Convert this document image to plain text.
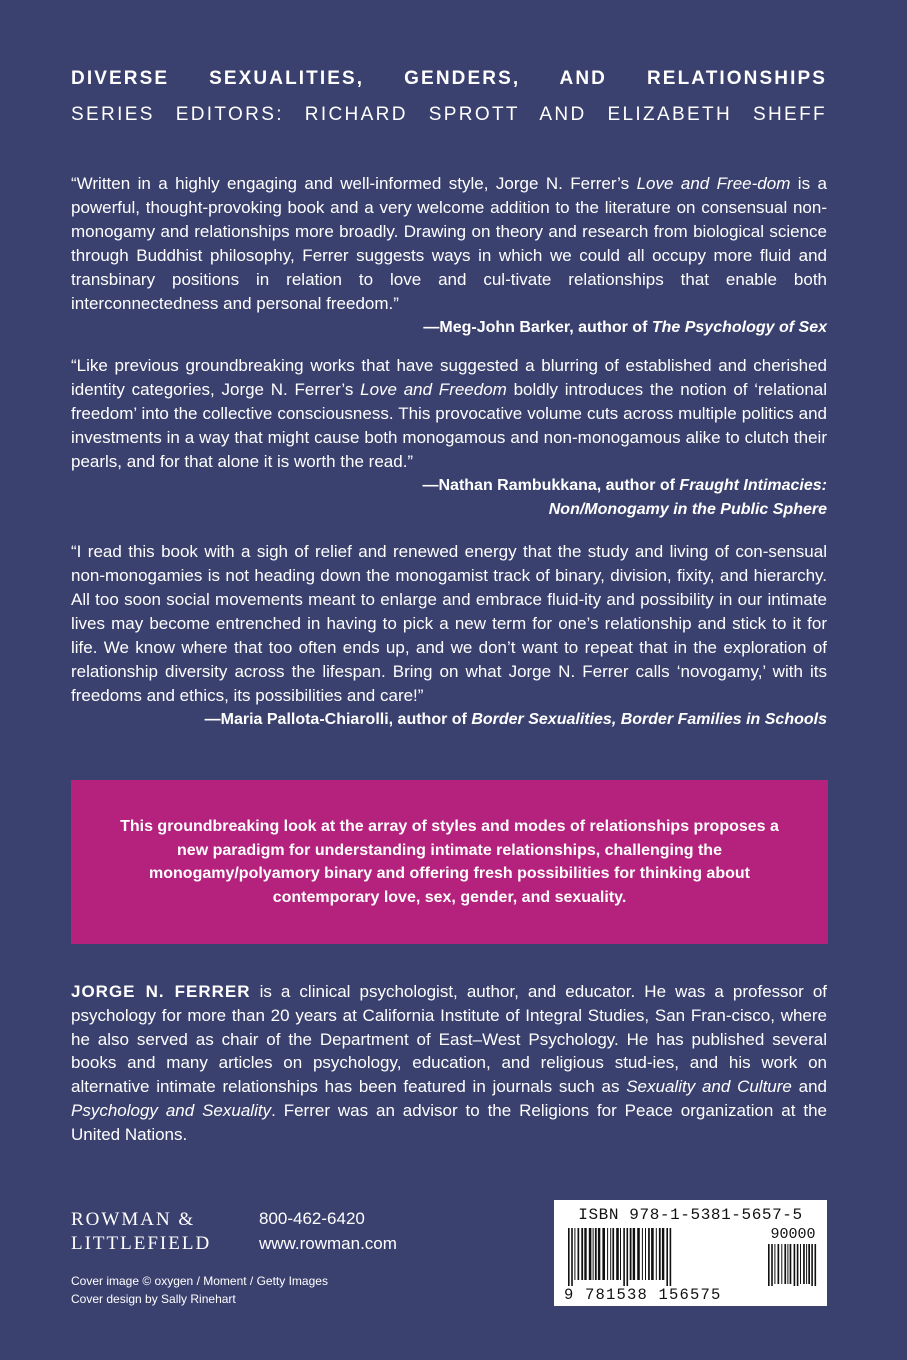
DIVERSE SEXUALITIES, GENDERS, AND RELATIONSHIPS
SERIES EDITORS: RICHARD SPROTT AND ELIZABETH SHEFF

“Written in a highly engaging and well-informed style, Jorge N. Ferrer’s Love and Free-dom is a powerful, thought-provoking book and a very welcome addition to the literature on consensual non-monogamy and relationships more broadly. Drawing on theory and research from biological science through Buddhist philosophy, Ferrer suggests ways in which we could all occupy more fluid and transbinary positions in relation to love and cul-tivate relationships that enable both interconnectedness and personal freedom.”

—Meg-John Barker, author of The Psychology of Sex

“Like previous groundbreaking works that have suggested a blurring of established and cherished identity categories, Jorge N. Ferrer’s Love and Freedom boldly introduces the notion of ‘relational freedom’ into the collective consciousness. This provocative volume cuts across multiple politics and investments in a way that might cause both monogamous and non-monogamous alike to clutch their pearls, and for that alone it is worth the read.”

—Nathan Rambukkana, author of Fraught Intimacies:
Non/Monogamy in the Public Sphere

“I read this book with a sigh of relief and renewed energy that the study and living of con-sensual non-monogamies is not heading down the monogamist track of binary, division, fixity, and hierarchy. All too soon social movements meant to enlarge and embrace fluid-ity and possibility in our intimate lives may become entrenched in having to pick a new term for one’s relationship and stick to it for life. We know where that too often ends up, and we don’t want to repeat that in the exploration of relationship diversity across the lifespan. Bring on what Jorge N. Ferrer calls ‘novogamy,’ with its freedoms and ethics, its possibilities and care!”

—Maria Pallota-Chiarolli, author of Border Sexualities, Border Families in Schools

This groundbreaking look at the array of styles and modes of relationships proposes a new paradigm for understanding intimate relationships, challenging the monogamy/polyamory binary and offering fresh possibilities for thinking about contemporary love, sex, gender, and sexuality.

JORGE N. FERRER is a clinical psychologist, author, and educator. He was a professor of psychology for more than 20 years at California Institute of Integral Studies, San Fran-cisco, where he also served as chair of the Department of East–West Psychology. He has published several books and many articles on psychology, education, and religious stud-ies, and his work on alternative intimate relationships has been featured in journals such as Sexuality and Culture and Psychology and Sexuality. Ferrer was an advisor to the Religions for Peace organization at the United Nations.

ROWMAN &
LITTLEFIELD
800-462-6420
www.rowman.com
Cover image © oxygen / Moment / Getty Images
Cover design by Sally Rinehart
ISBN 978-1-5381-5657-5
90000
9 781538 156575
